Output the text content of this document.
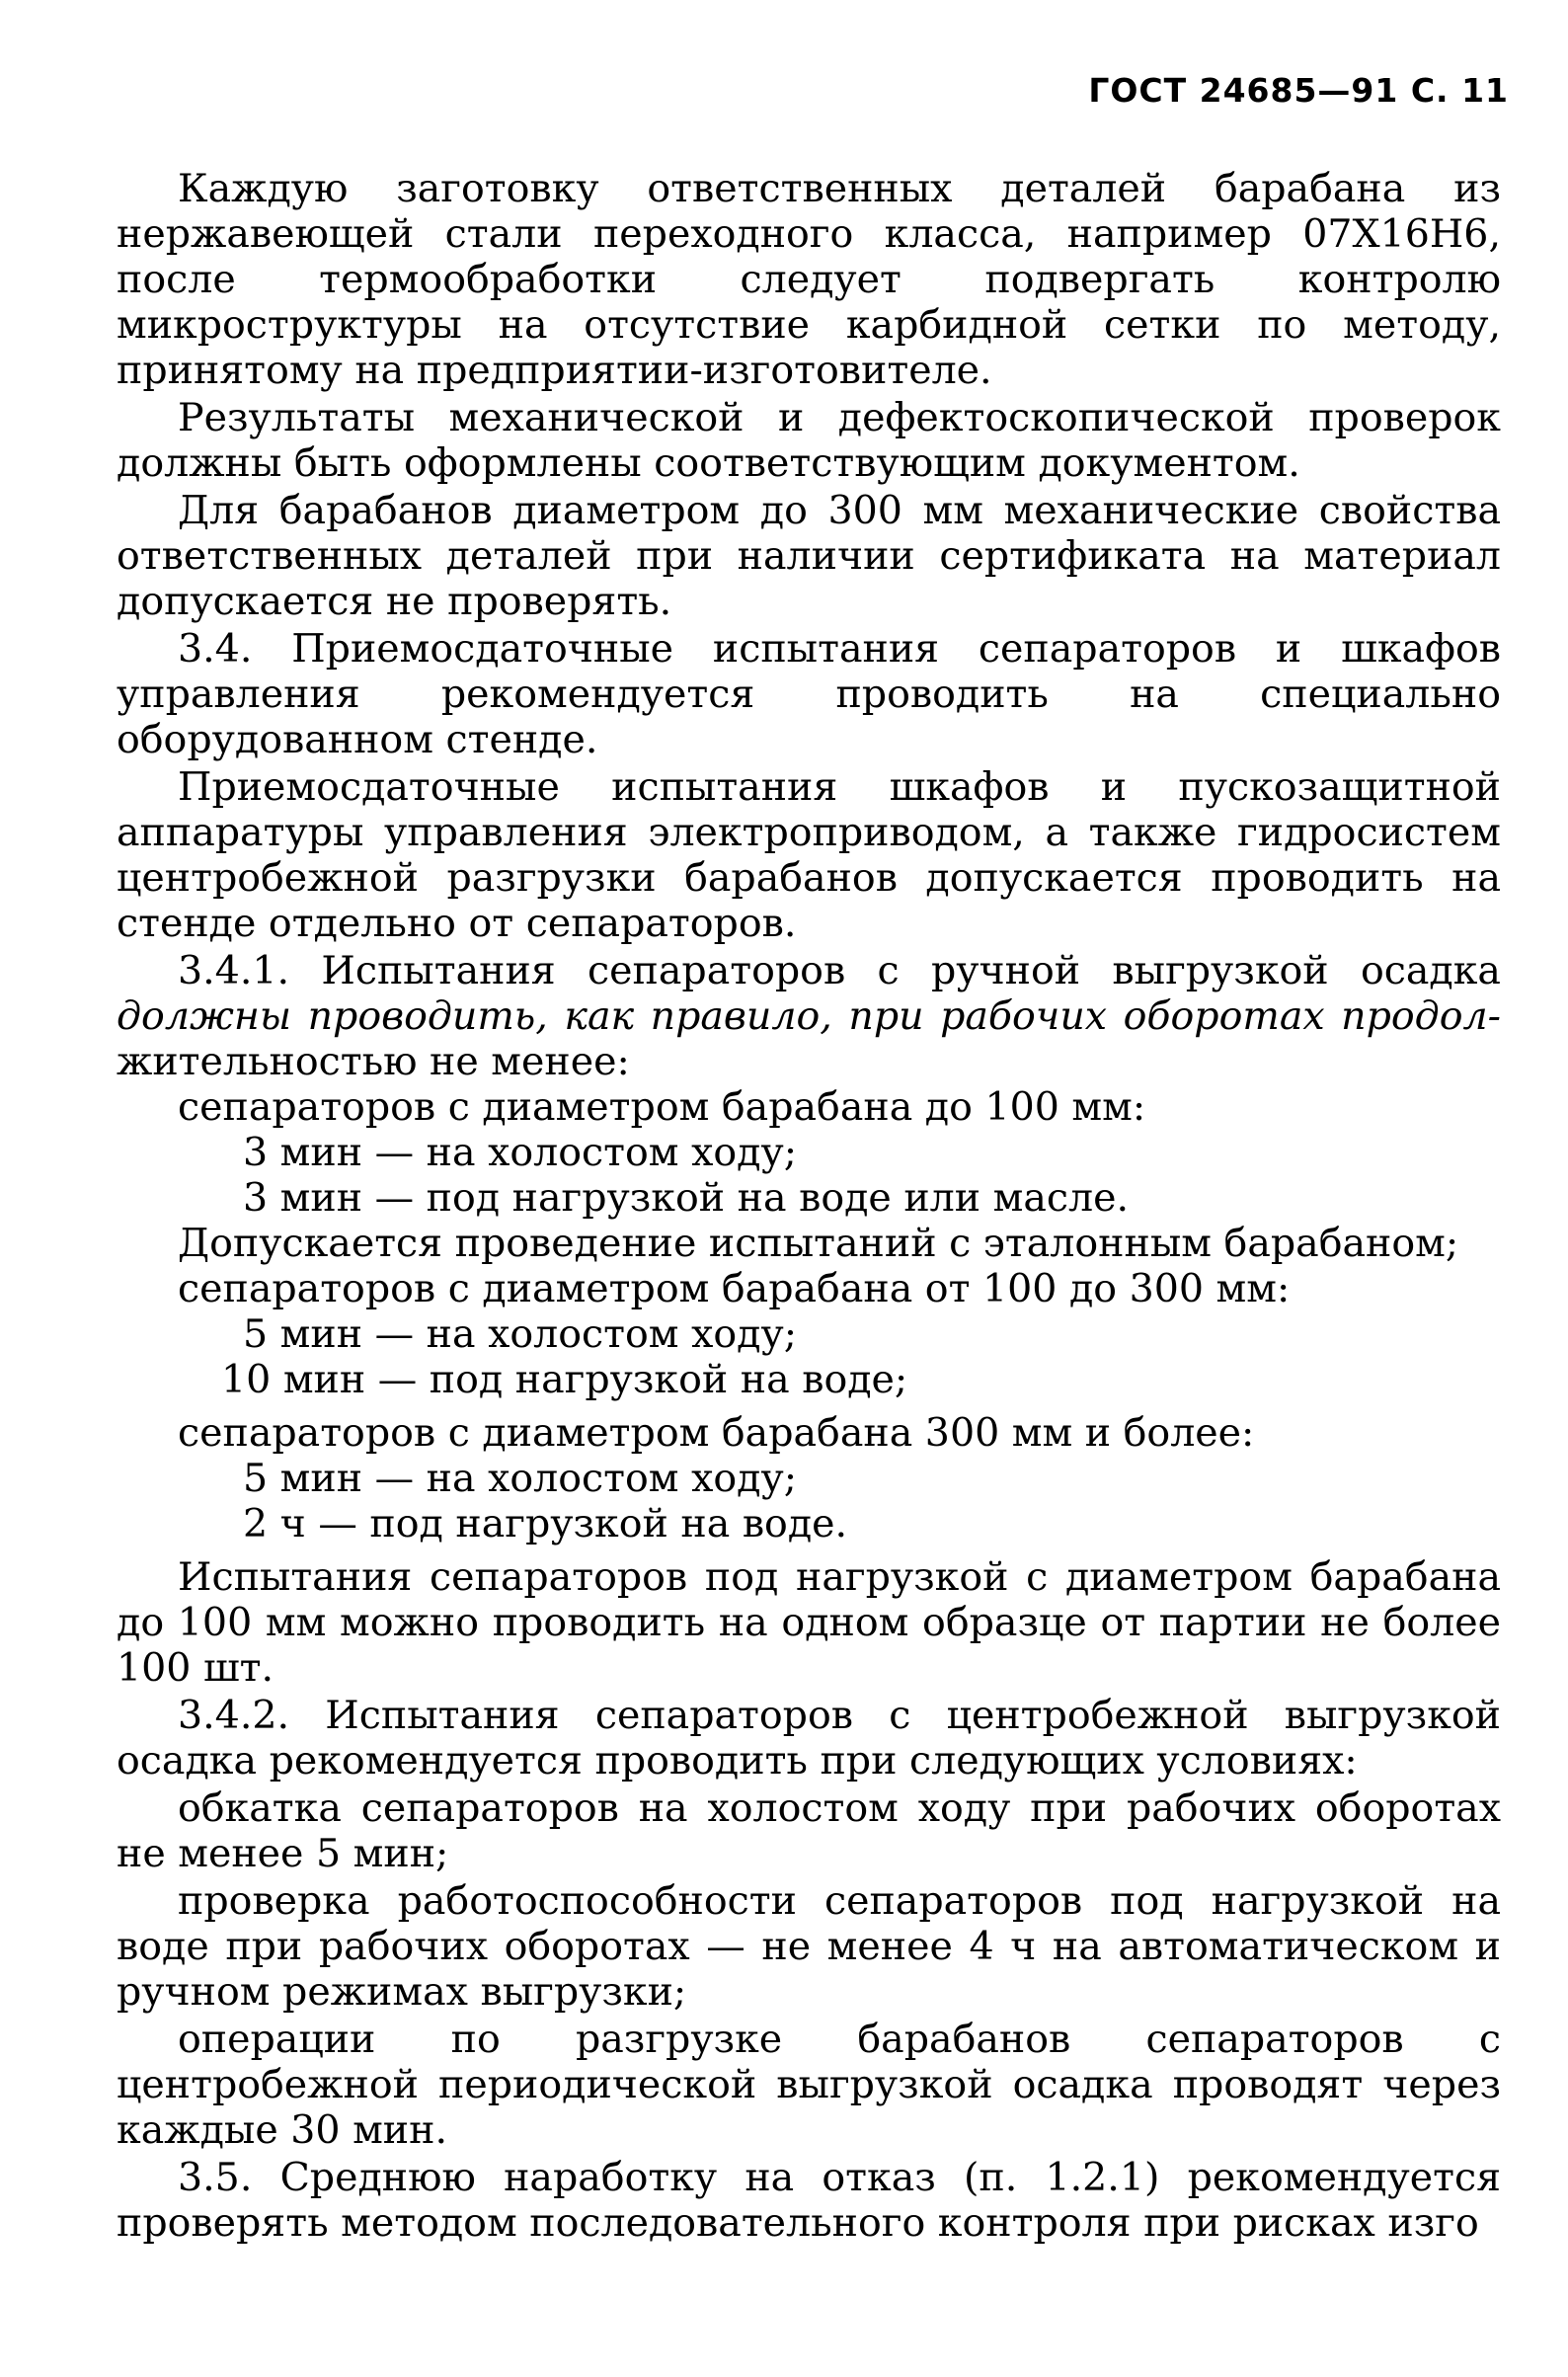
ГОСТ 24685—91 С. 11

Каждую заготовку ответственных деталей барабана из нержавеющей стали переходного класса, например 07Х16Н6, после термообработки следует подвергать контролю микроструктуры на отсутствие карбидной сетки по методу, принятому на предприятии-изготовителе.

Результаты механической и дефектоскопической проверок должны быть оформлены соответствующим документом.

Для барабанов диаметром до 300 мм механические свойства ответственных деталей при наличии сертификата на материал допускается не проверять.

3.4. Приемосдаточные испытания сепараторов и шкафов управления рекомендуется проводить на специально оборудованном стенде.

Приемосдаточные испытания шкафов и пускозащитной аппаратуры управления электроприводом, а также гидросистем центробежной разгрузки барабанов допускается проводить на стенде отдельно от сепараторов.

3.4.1. Испытания сепараторов с ручной выгрузкой осадка
должны проводить, как правило, при рабочих оборотах продол-
жительностью не менее:

сепараторов с диаметром барабана до 100 мм:

3 мин — на холостом ходу;

3 мин — под нагрузкой на воде или масле.

Допускается проведение испытаний с эталонным барабаном;

сепараторов с диаметром барабана от 100 до 300 мм:

5 мин — на холостом ходу;

10 мин — под нагрузкой на воде;

сепараторов с диаметром барабана 300 мм и более:

5 мин — на холостом ходу;

2 ч — под нагрузкой на воде.

Испытания сепараторов под нагрузкой с диаметром барабана до 100 мм можно проводить на одном образце от партии не более 100 шт.

3.4.2. Испытания сепараторов с центробежной выгрузкой осадка рекомендуется проводить при следующих условиях:

обкатка сепараторов на холостом ходу при рабочих оборотах не менее 5 мин;

проверка работоспособности сепараторов под нагрузкой на воде при рабочих оборотах — не менее 4 ч на автоматическом и ручном режимах выгрузки;

операции по разгрузке барабанов сепараторов с центробежной периодической выгрузкой осадка проводят через каждые 30 мин.

3.5. Среднюю наработку на отказ (п. 1.2.1) рекомендуется проверять методом последовательного контроля при рисках изго
